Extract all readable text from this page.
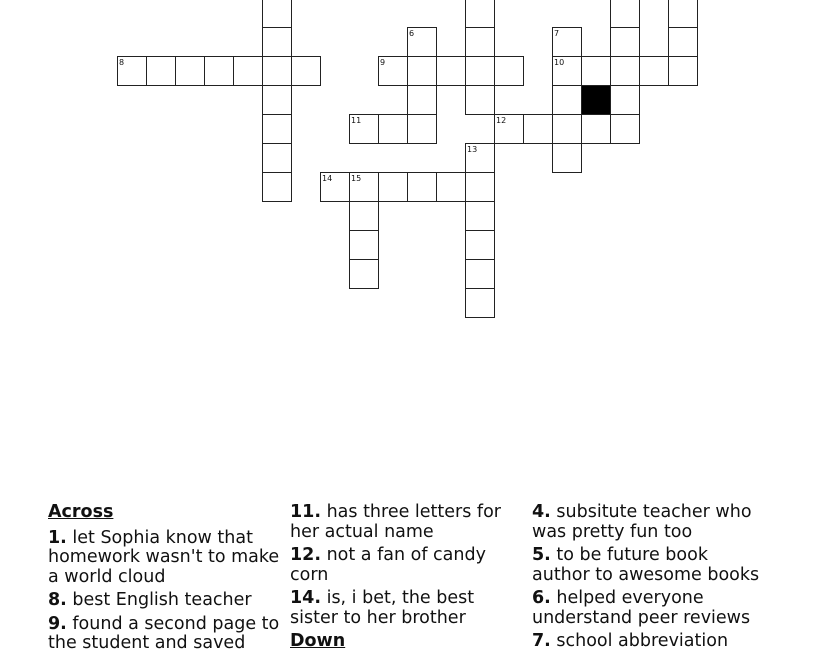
6	7
8	9	10
11	12
13
14 15
Across
1. let Sophia know that homework wasn't to make a world cloud
8. best English teacher
9. found a second page to the student and saved
11. has three letters for her actual name
12. not a fan of candy corn
14. is, i bet, the best sister to her brother
Down
4. subsitute teacher who was pretty fun too
5. to be future book author to awesome books
6. helped everyone understand peer reviews
7. school abbreviation
